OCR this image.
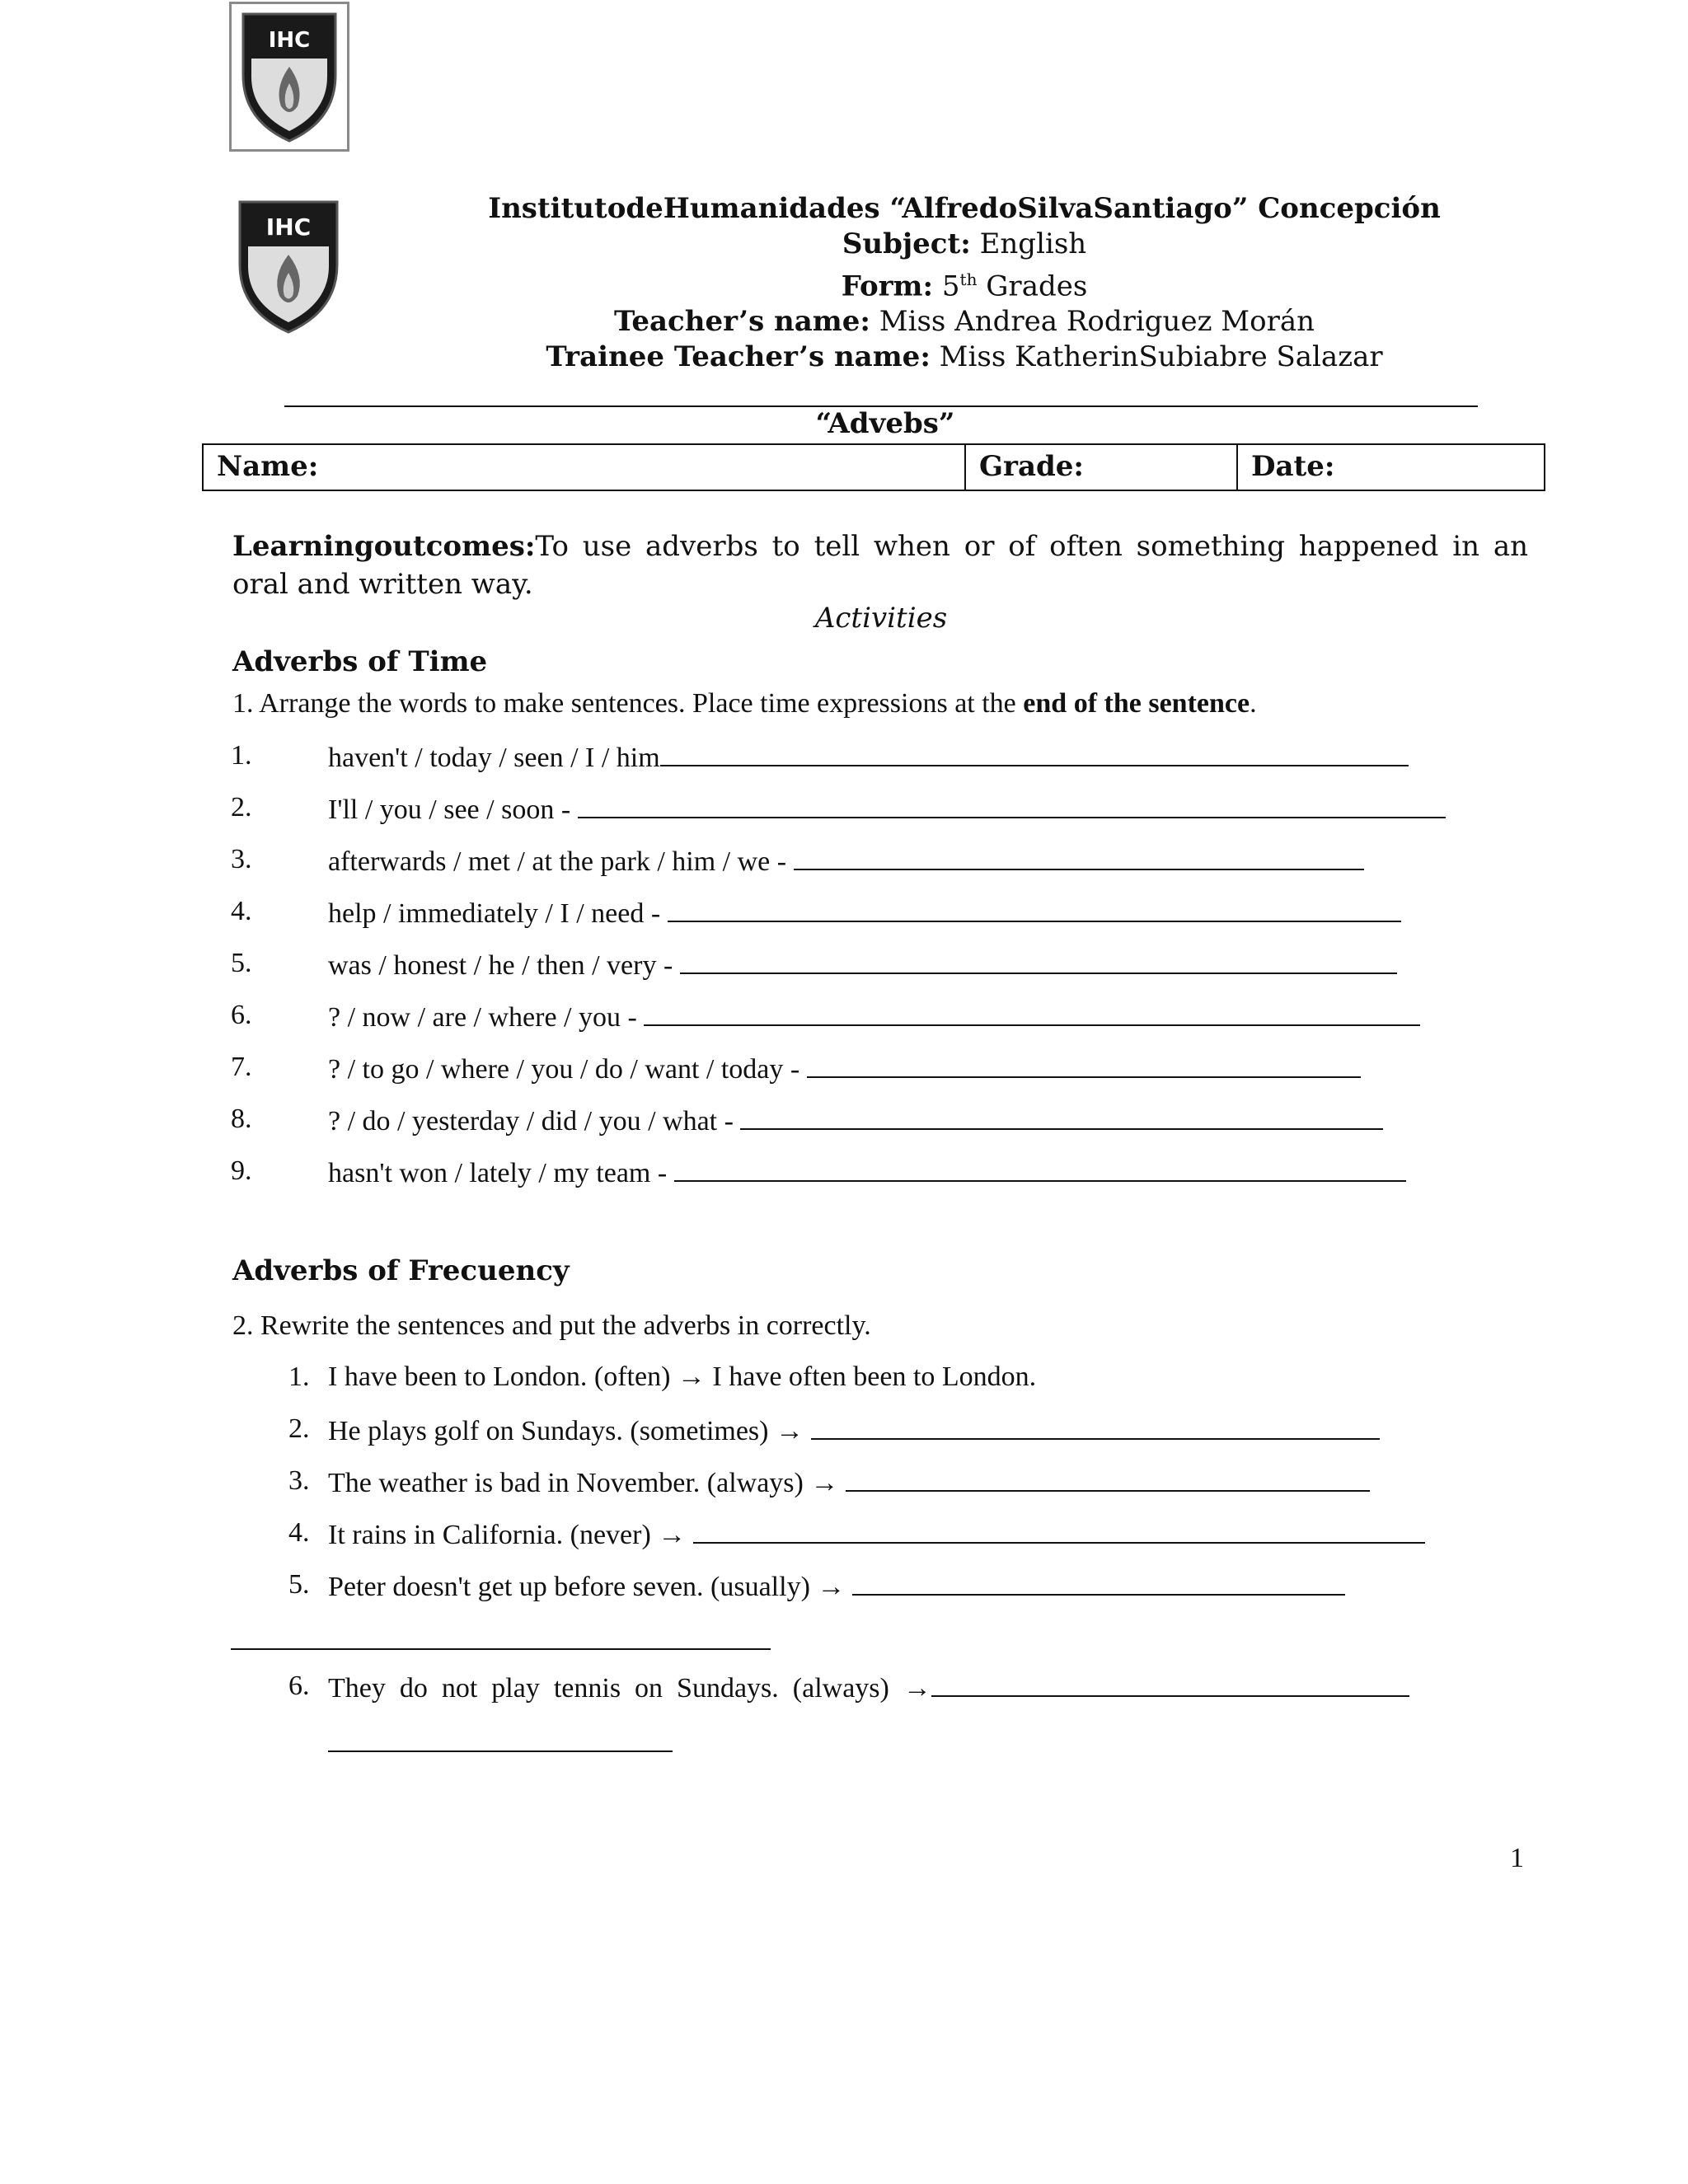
IHC
IHC
InstitutodeHumanidades “AlfredoSilvaSantiago” Concepción
Subject: English
Form: 5th Grades
Teacher’s name: Miss Andrea Rodriguez Morán
Trainee Teacher’s name: Miss KatherinSubiabre Salazar
“Advebs”
Name:	Grade:	Date:
Learningoutcomes:To use adverbs to tell when or of often something happened in an oral and written way.
Activities
Adverbs of Time
1. Arrange the words to make sentences. Place time expressions at the end of the sentence.
1.	haven't / today / seen / I / him
2.	I'll / you / see / soon -
3.	afterwards / met / at the park / him / we -
4.	help / immediately / I / need -
5.	was / honest / he / then / very -
6.	? / now / are / where / you -
7.	? / to go / where / you / do / want / today -
8.	? / do / yesterday / did / you / what -
9.	hasn't won / lately / my team -
Adverbs of Frecuency
2. Rewrite the sentences and put the adverbs in correctly.
1. I have been to London. (often) → I have often been to London.
2. He plays golf on Sundays. (sometimes) →
3. The weather is bad in November. (always) →
4. It rains in California. (never) →
5. Peter doesn't get up before seven. (usually) →
6. They  do  not  play  tennis  on  Sundays.  (always)  →
1
